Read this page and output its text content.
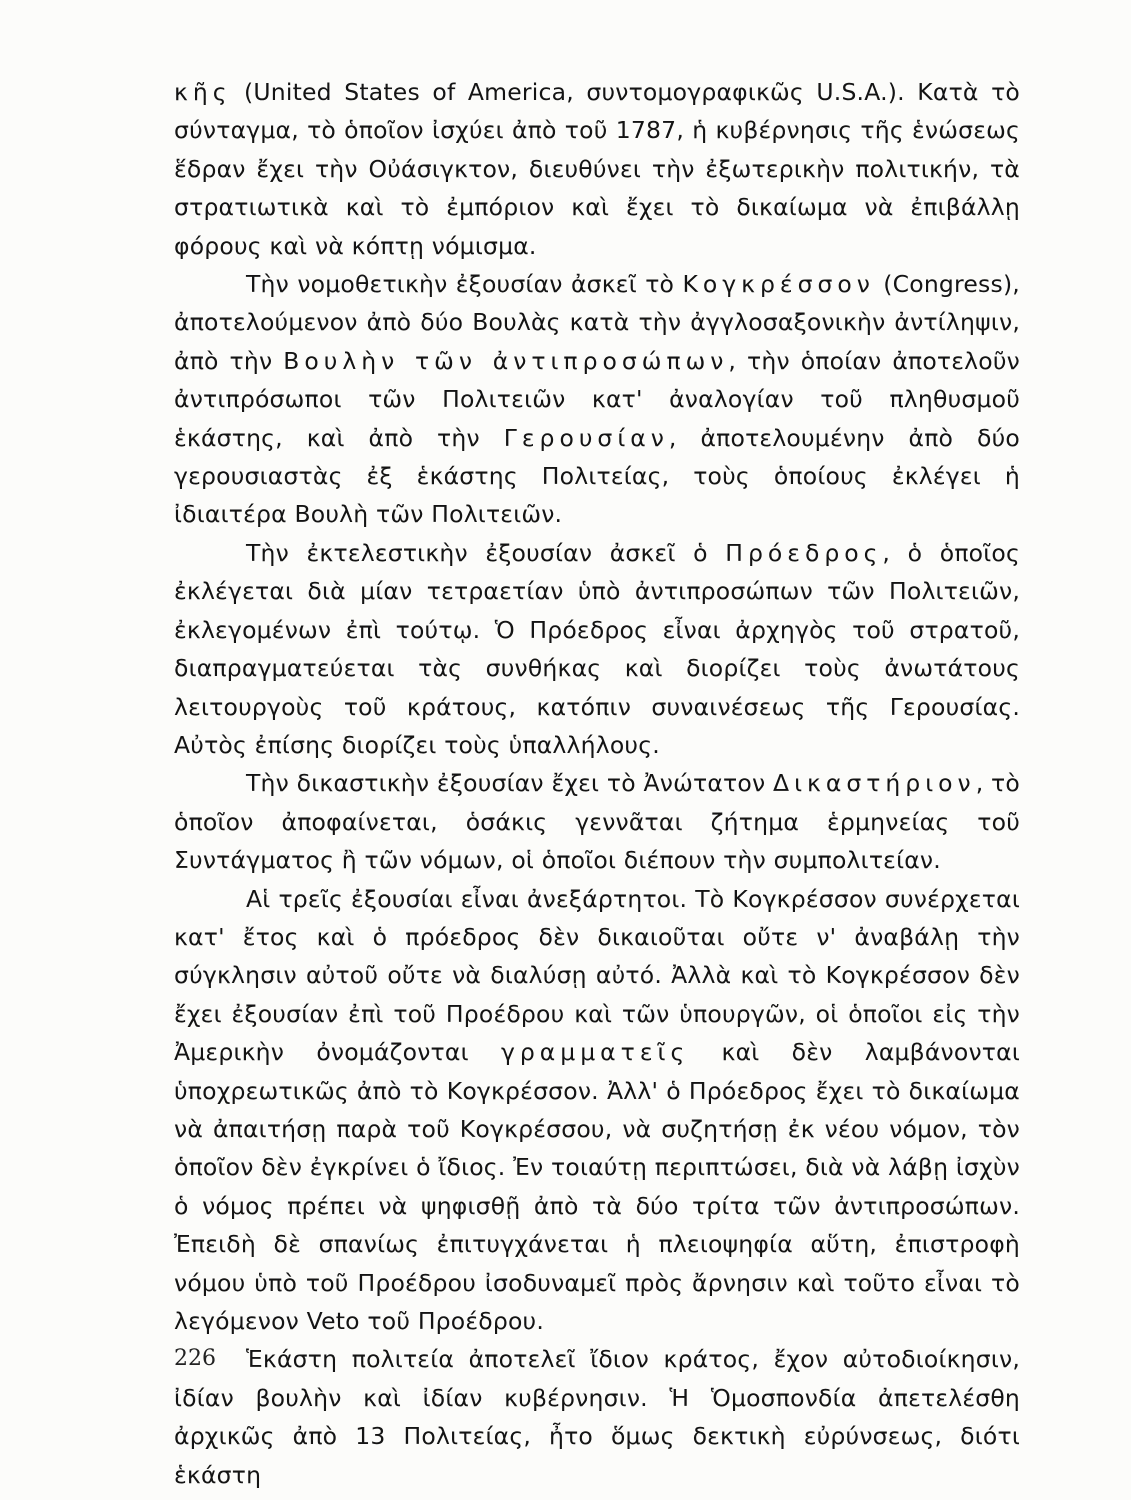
κῆς (United States of America, συντομογραφικῶς U.S.A.). Κατὰ τὸ σύνταγμα, τὸ ὁποῖον ἰσχύει ἀπὸ τοῦ 1787, ἡ κυβέρνησις τῆς ἑνώσεως ἕδραν ἔχει τὴν Οὐάσιγκτον, διευθύνει τὴν ἐξωτερικὴν πολιτικήν, τὰ στρατιωτικὰ καὶ τὸ ἐμπόριον καὶ ἔχει τὸ δικαίωμα νὰ ἐπιβάλλῃ φόρους καὶ νὰ κόπτῃ νόμισμα.

Τὴν νομοθετικὴν ἐξουσίαν ἀσκεῖ τὸ Κογκρέσσον (Congress), ἀποτελούμενον ἀπὸ δύο Βουλὰς κατὰ τὴν ἀγγλοσαξονικὴν ἀντίληψιν, ἀπὸ τὴν Βουλὴν τῶν ἀντιπροσώπων, τὴν ὁποίαν ἀποτελοῦν ἀντιπρόσωποι τῶν Πολιτειῶν κατ' ἀναλογίαν τοῦ πληθυσμοῦ ἑκάστης, καὶ ἀπὸ τὴν Γερουσίαν, ἀποτελουμένην ἀπὸ δύο γερουσιαστὰς ἐξ ἑκάστης Πολιτείας, τοὺς ὁποίους ἐκλέγει ἡ ἰδιαιτέρα Βουλὴ τῶν Πολιτειῶν.

Τὴν ἐκτελεστικὴν ἐξουσίαν ἀσκεῖ ὁ Πρόεδρος, ὁ ὁποῖος ἐκλέγεται διὰ μίαν τετραετίαν ὑπὸ ἀντιπροσώπων τῶν Πολιτειῶν, ἐκλεγομένων ἐπὶ τούτῳ. Ὁ Πρόεδρος εἶναι ἀρχηγὸς τοῦ στρατοῦ, διαπραγματεύεται τὰς συνθήκας καὶ διορίζει τοὺς ἀνωτάτους λειτουργοὺς τοῦ κράτους, κατόπιν συναινέσεως τῆς Γερουσίας. Αὐτὸς ἐπίσης διορίζει τοὺς ὑπαλλήλους.

Τὴν δικαστικὴν ἐξουσίαν ἔχει τὸ Ἀνώτατον Δικαστήριον, τὸ ὁποῖον ἀποφαίνεται, ὁσάκις γεννᾶται ζήτημα ἑρμηνείας τοῦ Συντάγματος ἢ τῶν νόμων, οἱ ὁποῖοι διέπουν τὴν συμπολιτείαν.

Αἱ τρεῖς ἐξουσίαι εἶναι ἀνεξάρτητοι. Τὸ Κογκρέσσον συνέρχεται κατ' ἔτος καὶ ὁ πρόεδρος δὲν δικαιοῦται οὔτε ν' ἀναβάλῃ τὴν σύγκλησιν αὐτοῦ οὔτε νὰ διαλύσῃ αὐτό. Ἀλλὰ καὶ τὸ Κογκρέσσον δὲν ἔχει ἐξουσίαν ἐπὶ τοῦ Προέδρου καὶ τῶν ὑπουργῶν, οἱ ὁποῖοι εἰς τὴν Ἀμερικὴν ὀνομάζονται γραμματεῖς καὶ δὲν λαμβάνονται ὑποχρεωτικῶς ἀπὸ τὸ Κογκρέσσον. Ἀλλ' ὁ Πρόεδρος ἔχει τὸ δικαίωμα νὰ ἀπαιτήσῃ παρὰ τοῦ Κογκρέσσου, νὰ συζητήσῃ ἐκ νέου νόμον, τὸν ὁποῖον δὲν ἐγκρίνει ὁ ἴδιος. Ἐν τοιαύτῃ περιπτώσει, διὰ νὰ λάβῃ ἰσχὺν ὁ νόμος πρέπει νὰ ψηφισθῇ ἀπὸ τὰ δύο τρίτα τῶν ἀντιπροσώπων. Ἐπειδὴ δὲ σπανίως ἐπιτυγχάνεται ἡ πλειοψηφία αὕτη, ἐπιστροφὴ νόμου ὑπὸ τοῦ Προέδρου ἰσοδυναμεῖ πρὸς ἄρνησιν καὶ τοῦτο εἶναι τὸ λεγόμενον Veto τοῦ Προέδρου.

Ἑκάστη πολιτεία ἀποτελεῖ ἴδιον κράτος, ἔχον αὐτοδιοίκησιν, ἰδίαν βουλὴν καὶ ἰδίαν κυβέρνησιν. Ἡ Ὁμοσπονδία ἀπετελέσθη ἀρχικῶς ἀπὸ 13 Πολιτείας, ἦτο ὅμως δεκτικὴ εὐρύνσεως, διότι ἑκάστη

226
